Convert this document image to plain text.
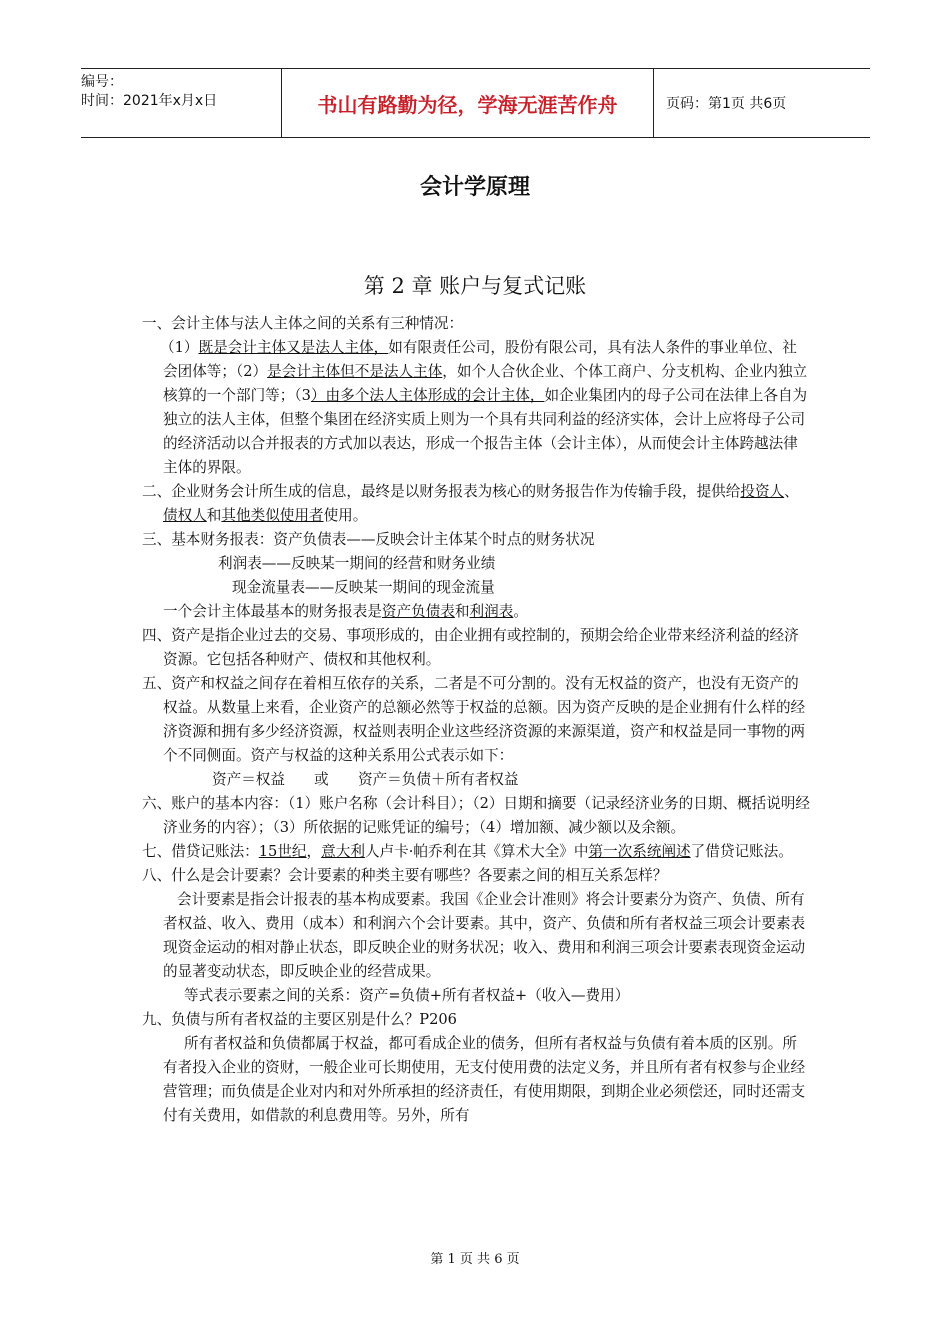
编号：
时间：2021年x月x日	书山有路勤为径，学海无涯苦作舟	页码：第1页 共6页
会计学原理
第 2 章 账户与复式记账

一、会计主体与法人主体之间的关系有三种情况：

（1）既是会计主体又是法人主体，如有限责任公司，股份有限公司，具有法人条件的事业单位、社会团体等；（2）是会计主体但不是法人主体，如个人合伙企业、个体工商户、分支机构、企业内独立核算的一个部门等；（3）由多个法人主体形成的会计主体，如企业集团内的母子公司在法律上各自为独立的法人主体，但整个集团在经济实质上则为一个具有共同利益的经济实体，会计上应将母子公司的经济活动以合并报表的方式加以表达，形成一个报告主体（会计主体），从而使会计主体跨越法律主体的界限。

二、企业财务会计所生成的信息，最终是以财务报表为核心的财务报告作为传输手段，提供给投资人、债权人和其他类似使用者使用。

三、基本财务报表：资产负债表——反映会计主体某个时点的财务状况

利润表——反映某一期间的经营和财务业绩

现金流量表——反映某一期间的现金流量

一个会计主体最基本的财务报表是资产负债表和利润表。

四、资产是指企业过去的交易、事项形成的，由企业拥有或控制的，预期会给企业带来经济利益的经济资源。它包括各种财产、债权和其他权利。

五、资产和权益之间存在着相互依存的关系，二者是不可分割的。没有无权益的资产，也没有无资产的权益。从数量上来看，企业资产的总额必然等于权益的总额。因为资产反映的是企业拥有什么样的经济资源和拥有多少经济资源，权益则表明企业这些经济资源的来源渠道，资产和权益是同一事物的两个不同侧面。资产与权益的这种关系用公式表示如下：

资产＝权益　　或　　资产＝负债＋所有者权益

六、账户的基本内容：（1）账户名称（会计科目）；（2）日期和摘要（记录经济业务的日期、概括说明经济业务的内容）；（3）所依据的记账凭证的编号；（4）增加额、减少额以及余额。

七、借贷记账法：15世纪，意大利人卢卡·帕乔利在其《算术大全》中第一次系统阐述了借贷记账法。

八、什么是会计要素？会计要素的种类主要有哪些？各要素之间的相互关系怎样？

会计要素是指会计报表的基本构成要素。我国《企业会计准则》将会计要素分为资产、负债、所有者权益、收入、费用（成本）和利润六个会计要素。其中，资产、负债和所有者权益三项会计要素表现资金运动的相对静止状态，即反映企业的财务状况；收入、费用和利润三项会计要素表现资金运动的显著变动状态，即反映企业的经营成果。

等式表示要素之间的关系：资产=负债+所有者权益+（收入—费用）

九、负债与所有者权益的主要区别是什么？P206

所有者权益和负债都属于权益，都可看成企业的债务，但所有者权益与负债有着本质的区别。所有者投入企业的资财，一般企业可长期使用，无支付使用费的法定义务，并且所有者有权参与企业经营管理；而负债是企业对内和对外所承担的经济责任，有使用期限，到期企业必须偿还，同时还需支付有关费用，如借款的利息费用等。另外，所有

第 1 页 共 6 页
